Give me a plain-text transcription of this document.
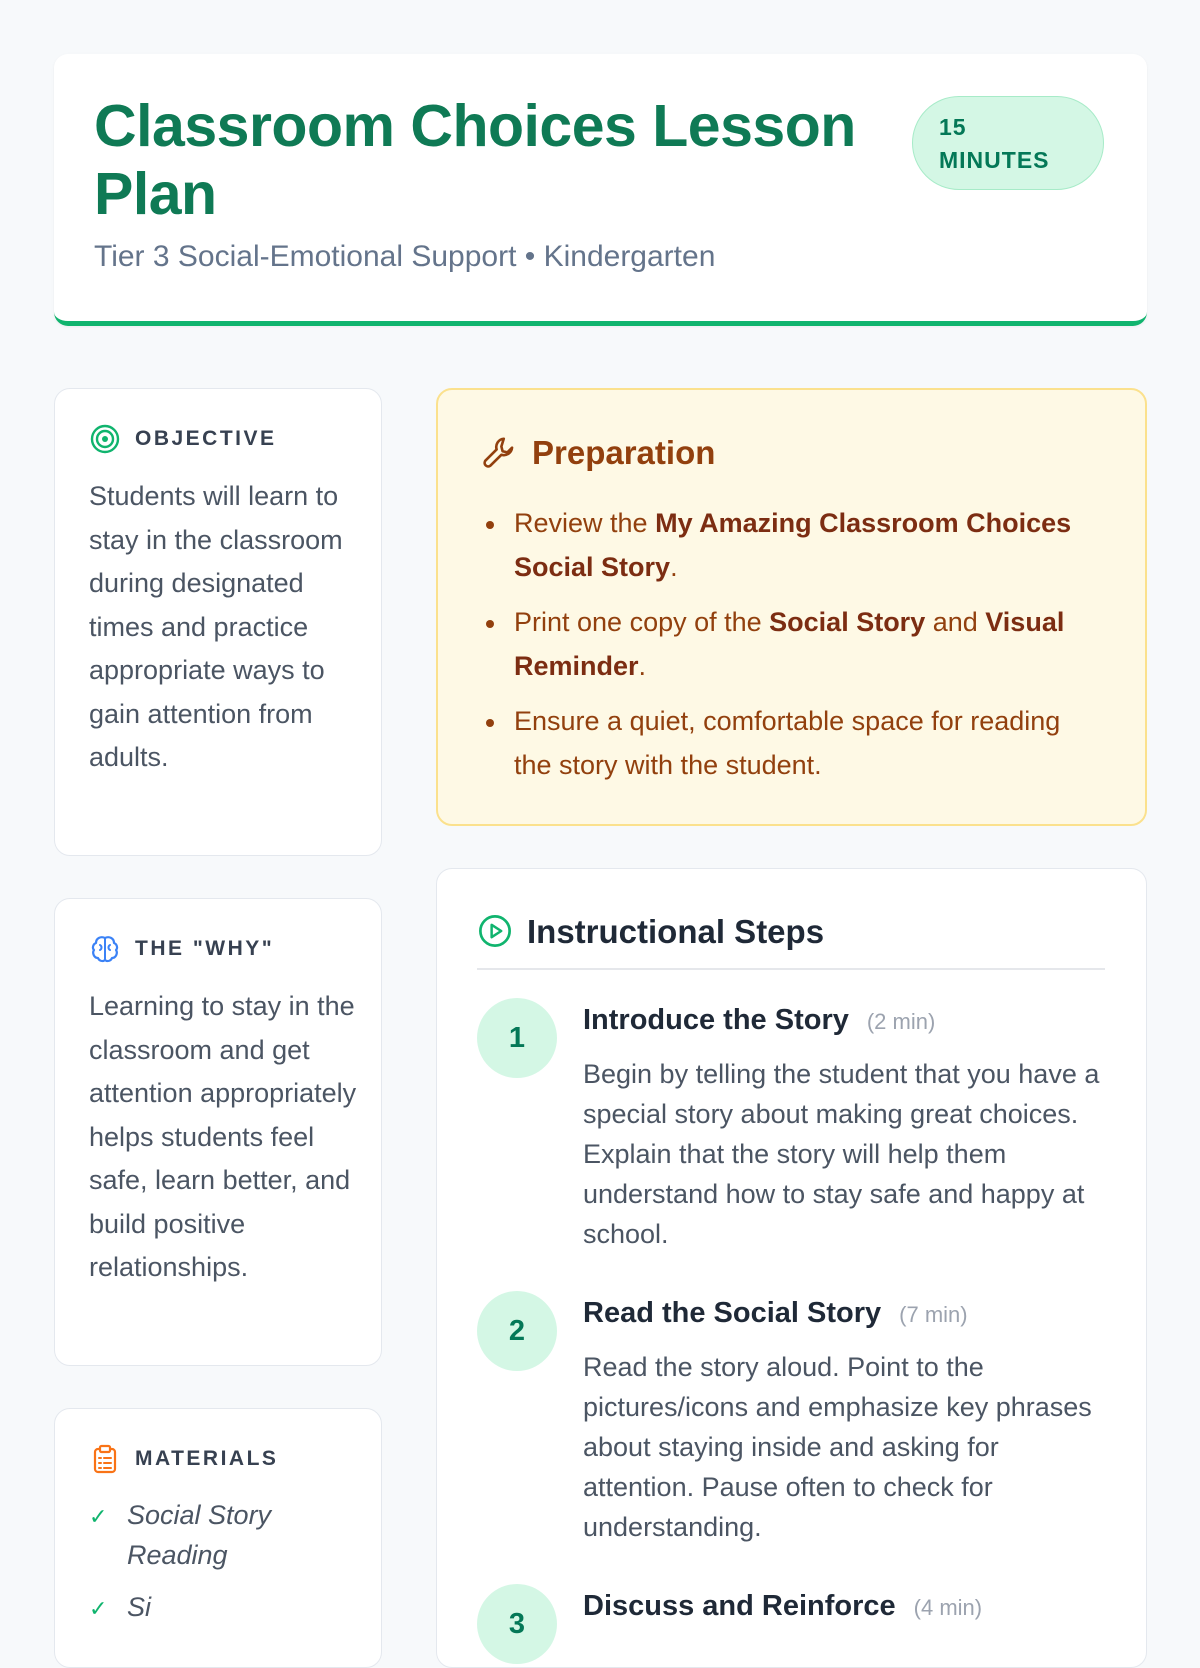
Classroom Choices Lesson Plan
Tier 3 Social-Emotional Support • Kindergarten
15
MINUTES
OBJECTIVE

Students will learn to stay in the classroom during designated times and practice appropriate ways to gain attention from adults.

THE "WHY"

Learning to stay in the classroom and get attention appropriately helps students feel safe, learn better, and build positive relationships.

MATERIALS
✓ Social Story Reading
✓ Si
Preparation
Review the My Amazing Classroom Choices Social Story.
Print one copy of the Social Story and Visual Reminder.
Ensure a quiet, comfortable space for reading the story with the student.
Instructional Steps
1
Introduce the Story (2 min)

Begin by telling the student that you have a special story about making great choices. Explain that the story will help them understand how to stay safe and happy at school.

2
Read the Social Story (7 min)

Read the story aloud. Point to the pictures/icons and emphasize key phrases about staying inside and asking for attention. Pause often to check for understanding.

3
Discuss and Reinforce (4 min)
